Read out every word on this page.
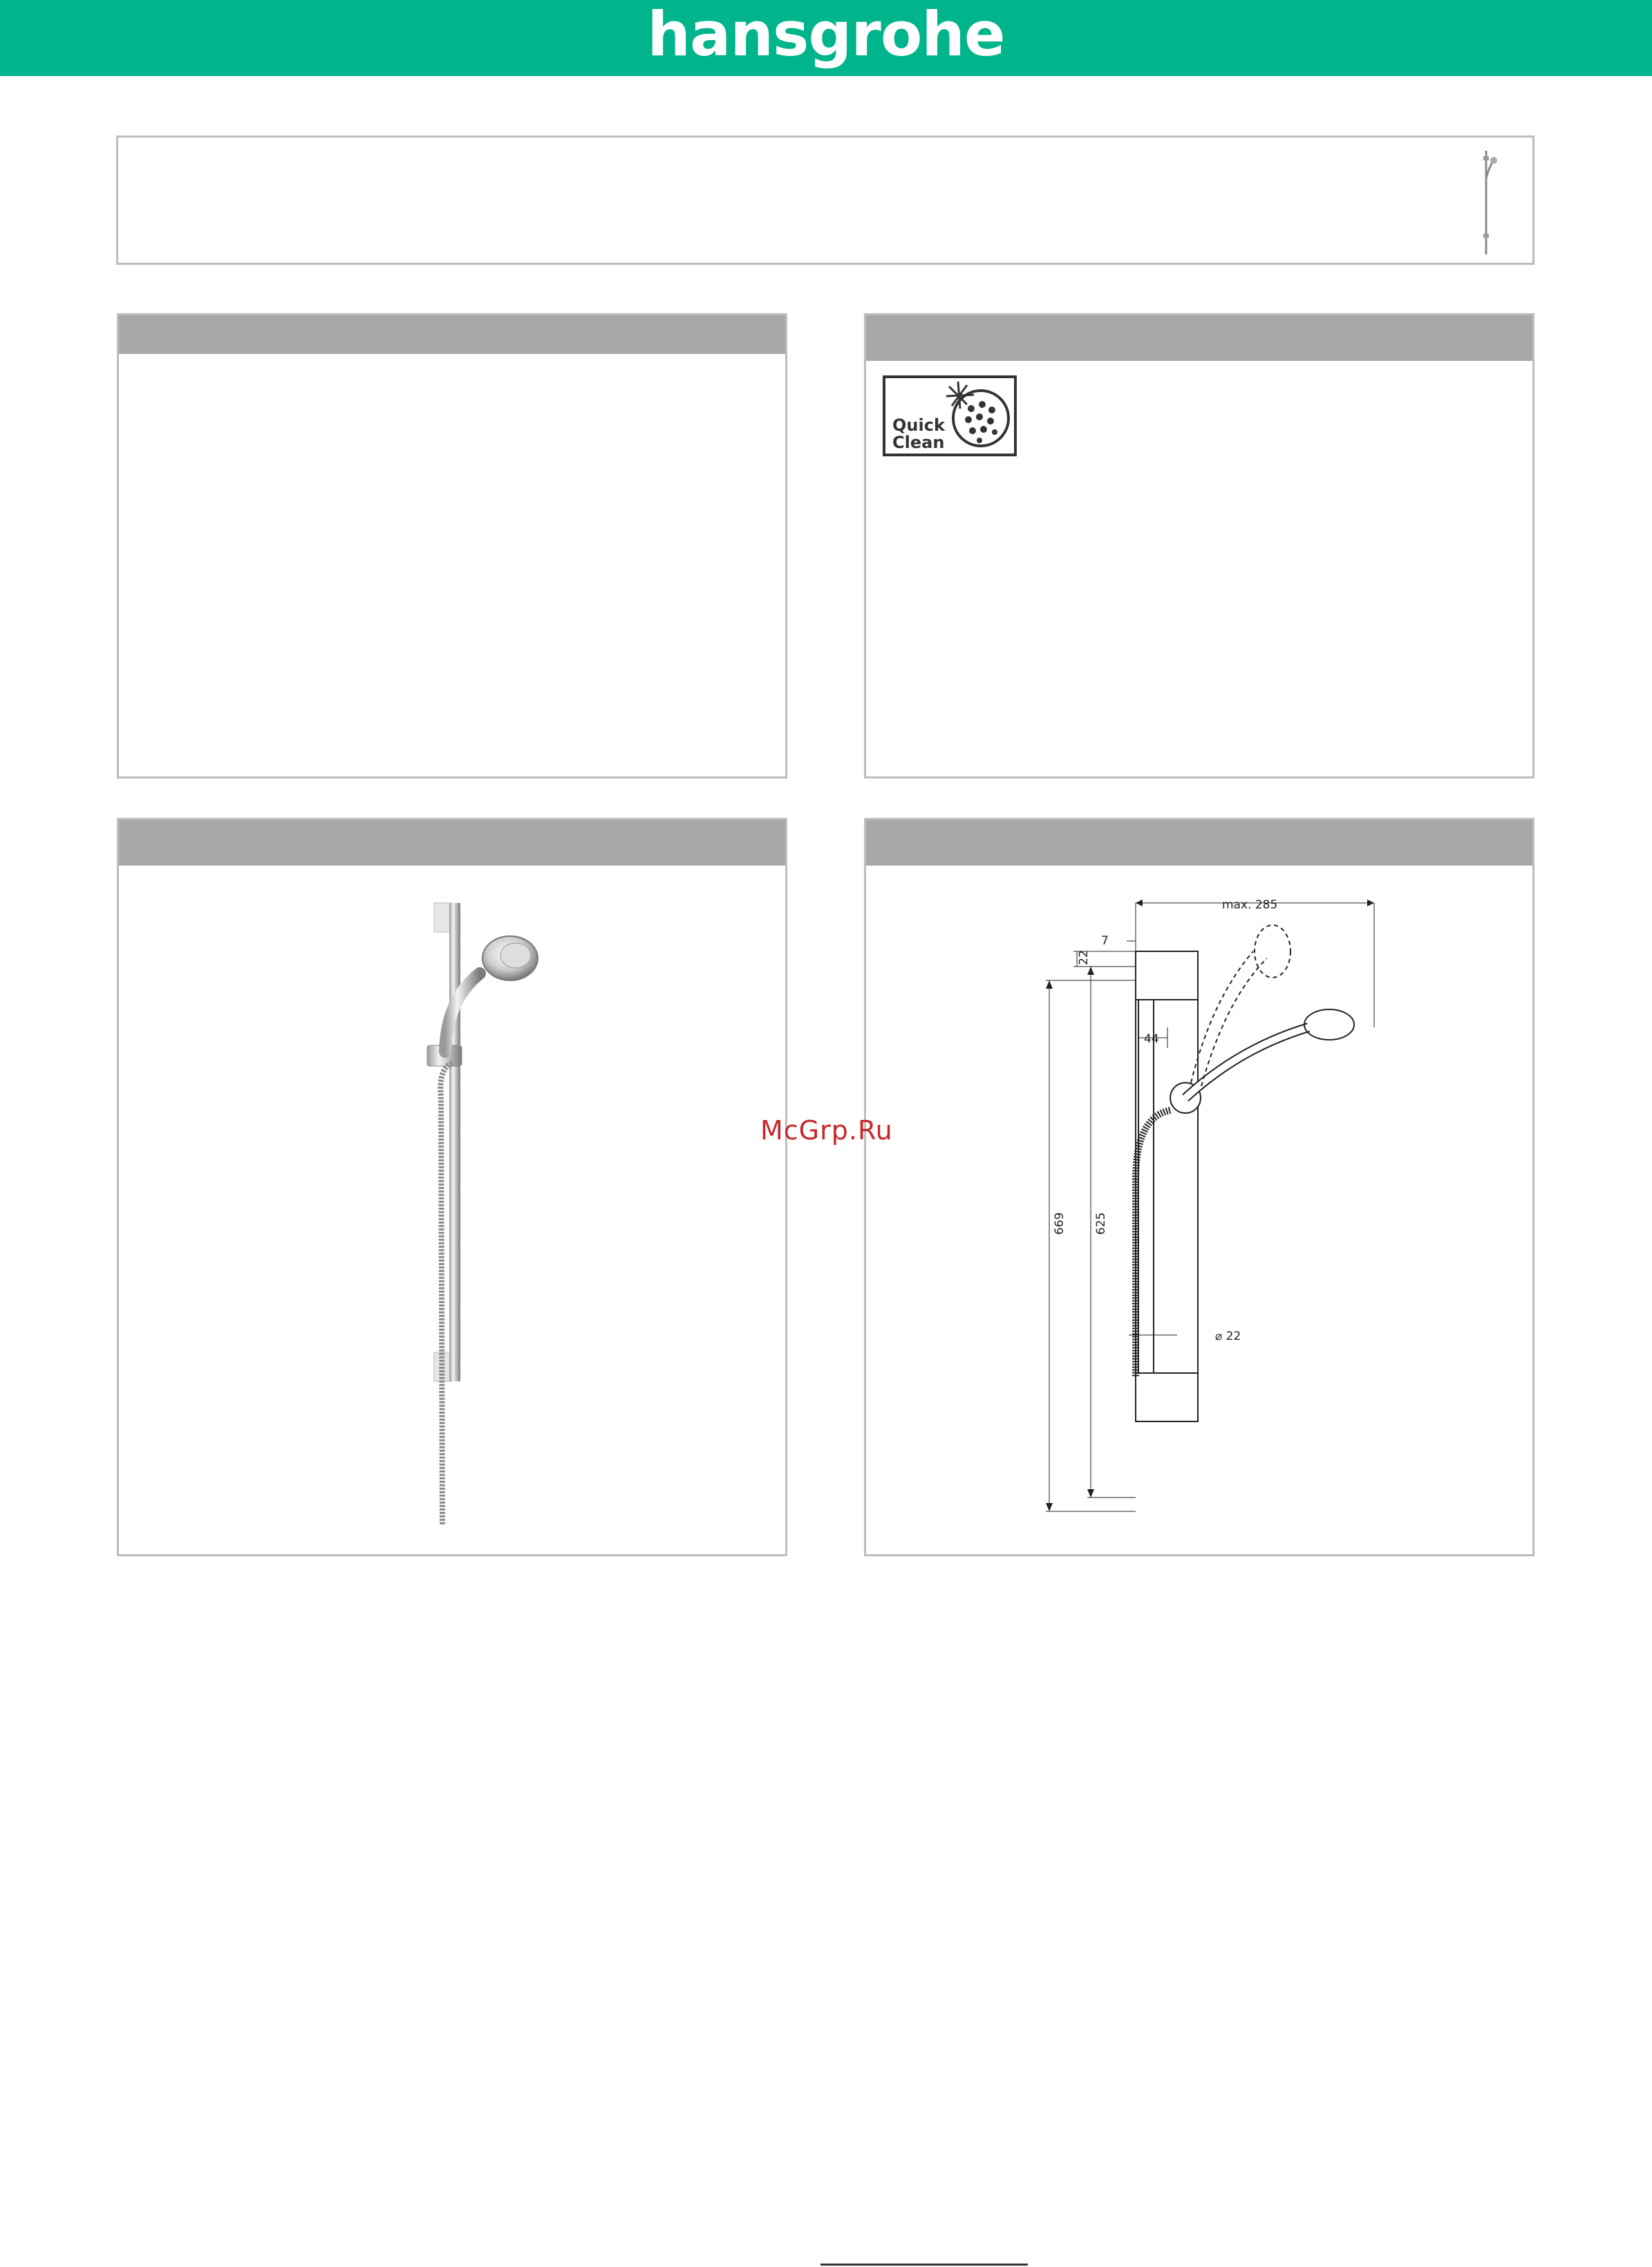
hansgrohe
Quick
Clean
max. 285
7
22
44
669 625
⌀ 22
McGrp.Ru
